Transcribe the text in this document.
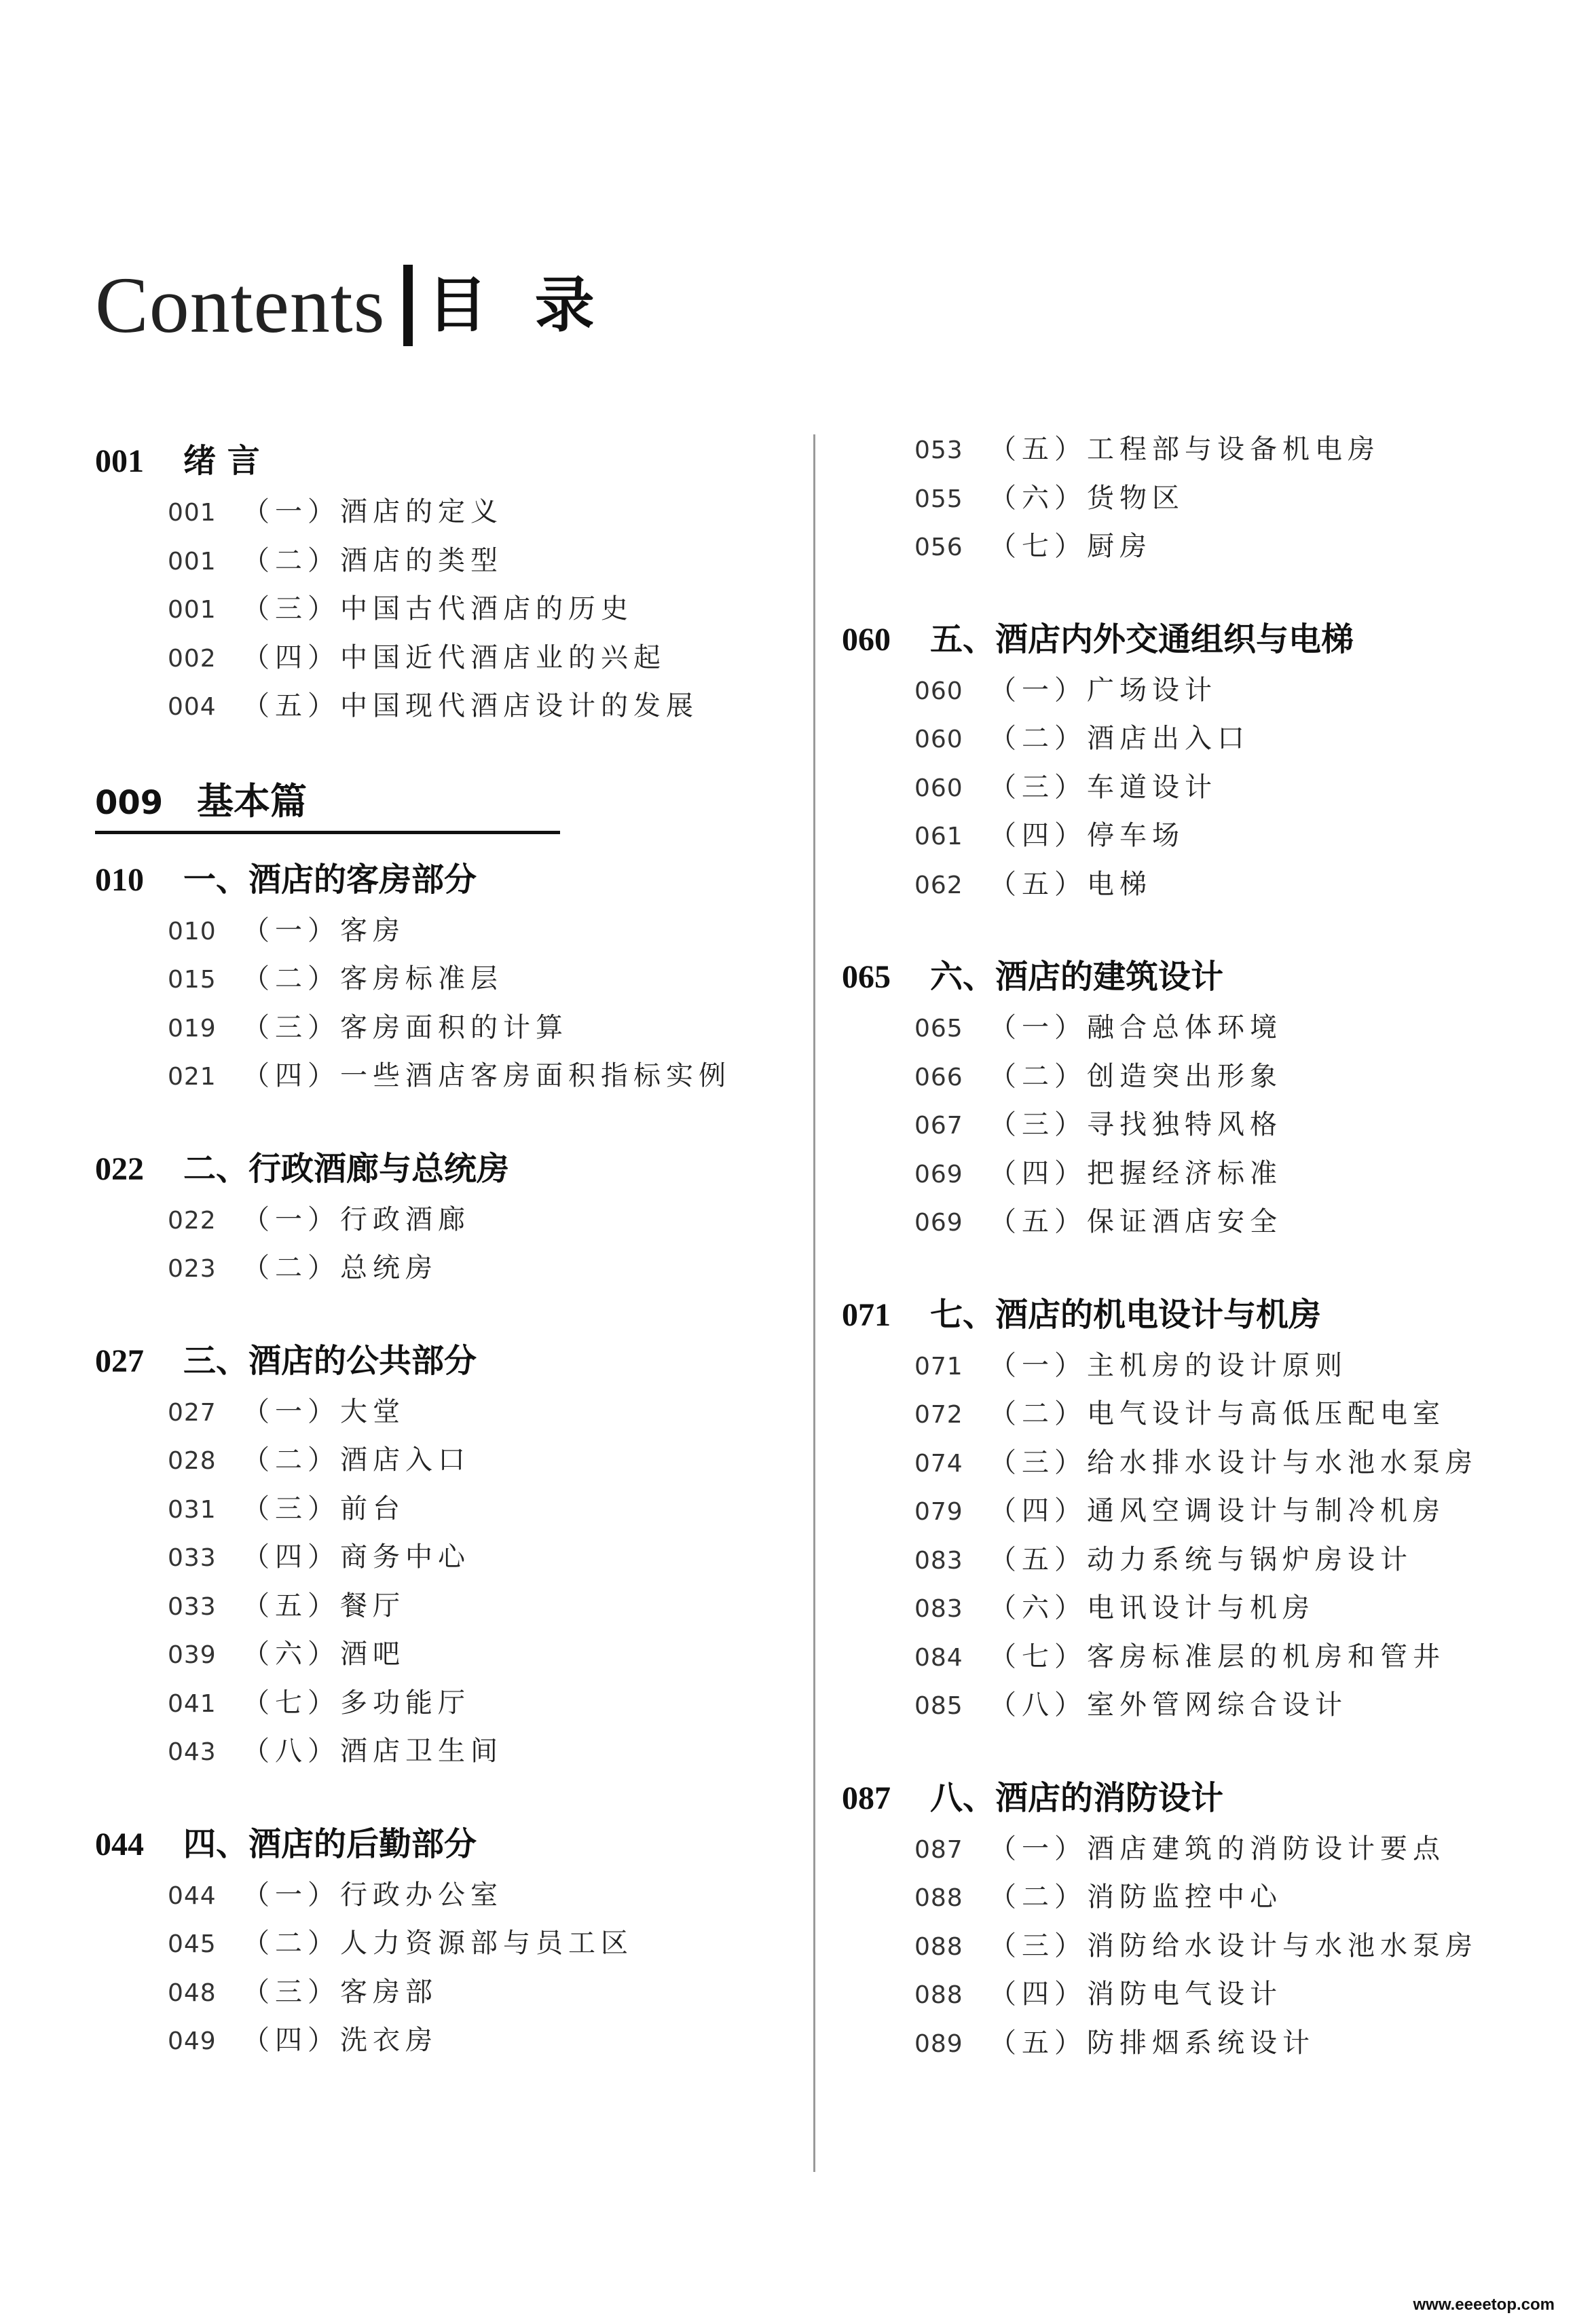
Contents 目录
001	绪 言
001 （一）酒店的定义
001 （二）酒店的类型
001 （三）中国古代酒店的历史
002 （四）中国近代酒店业的兴起
004 （五）中国现代酒店设计的发展
009 基本篇
010	一、酒店的客房部分
010 （一）客房
015 （二）客房标准层
019 （三）客房面积的计算
021 （四）一些酒店客房面积指标实例
022	二、行政酒廊与总统房
022 （一）行政酒廊
023 （二）总统房
027	三、酒店的公共部分
027 （一）大堂
028 （二）酒店入口
031 （三）前台
033 （四）商务中心
033 （五）餐厅
039 （六）酒吧
041 （七）多功能厅
043 （八）酒店卫生间
044	四、酒店的后勤部分
044 （一）行政办公室
045 （二）人力资源部与员工区
048 （三）客房部
049 （四）洗衣房
053 （五）工程部与设备机电房
055 （六）货物区
056 （七）厨房
060	五、酒店内外交通组织与电梯
060 （一）广场设计
060 （二）酒店出入口
060 （三）车道设计
061 （四）停车场
062 （五）电梯
065	六、酒店的建筑设计
065 （一）融合总体环境
066 （二）创造突出形象
067 （三）寻找独特风格
069 （四）把握经济标准
069 （五）保证酒店安全
071	七、酒店的机电设计与机房
071 （一）主机房的设计原则
072 （二）电气设计与高低压配电室
074 （三）给水排水设计与水池水泵房
079 （四）通风空调设计与制冷机房
083 （五）动力系统与锅炉房设计
083 （六）电讯设计与机房
084 （七）客房标准层的机房和管井
085 （八）室外管网综合设计
087	八、酒店的消防设计
087 （一）酒店建筑的消防设计要点
088 （二）消防监控中心
088 （三）消防给水设计与水池水泵房
088 （四）消防电气设计
089 （五）防排烟系统设计
www.eeeetop.com
